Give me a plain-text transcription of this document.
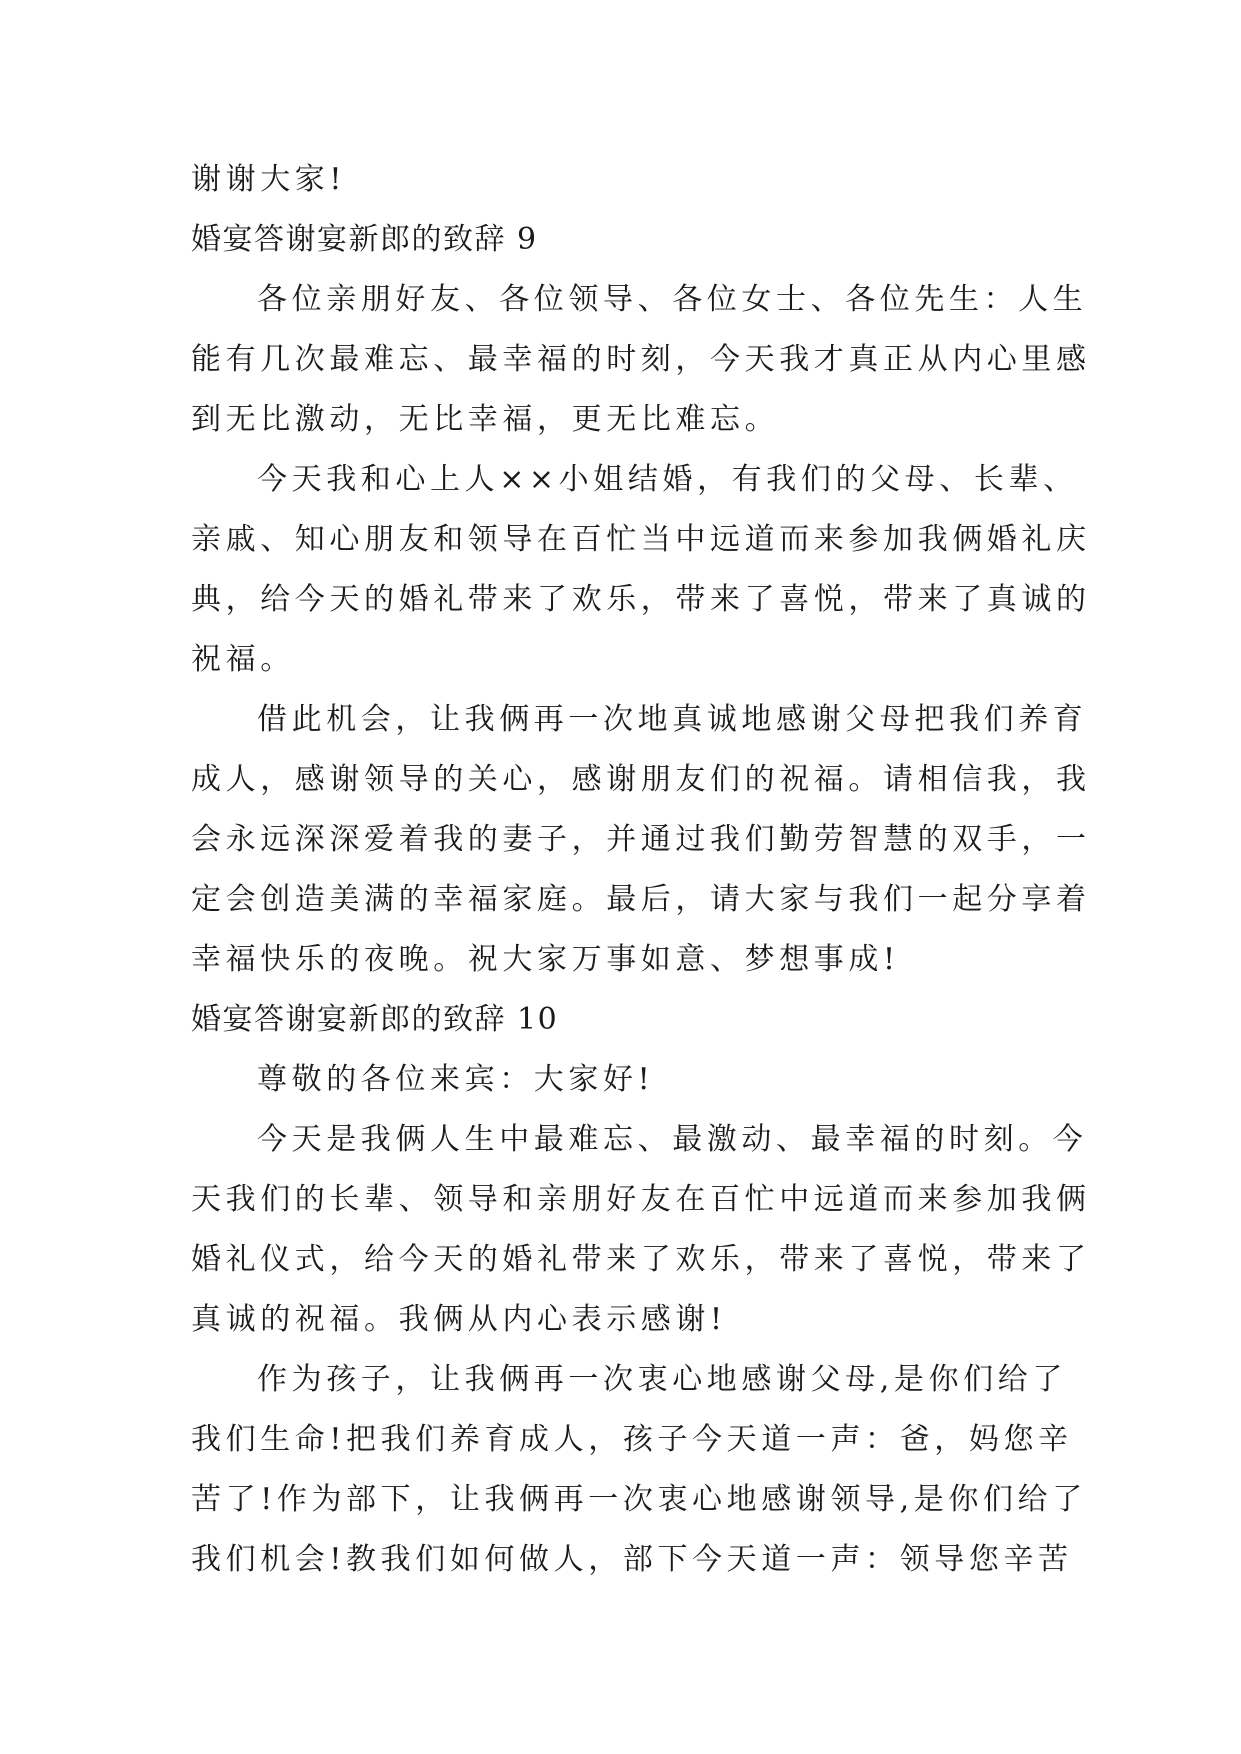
谢谢大家!

婚宴答谢宴新郎的致辞 9

各位亲朋好友、各位领导、各位女士、各位先生：人生

能有几次最难忘、最幸福的时刻，今天我才真正从内心里感

到无比激动，无比幸福，更无比难忘。

今天我和心上人××小姐结婚，有我们的父母、长辈、

亲戚、知心朋友和领导在百忙当中远道而来参加我俩婚礼庆

典，给今天的婚礼带来了欢乐，带来了喜悦，带来了真诚的

祝福。

借此机会，让我俩再一次地真诚地感谢父母把我们养育

成人，感谢领导的关心，感谢朋友们的祝福。请相信我，我

会永远深深爱着我的妻子，并通过我们勤劳智慧的双手，一

定会创造美满的幸福家庭。最后，请大家与我们一起分享着

幸福快乐的夜晚。祝大家万事如意、梦想事成!

婚宴答谢宴新郎的致辞 10

尊敬的各位来宾：大家好!

今天是我俩人生中最难忘、最激动、最幸福的时刻。今

天我们的长辈、领导和亲朋好友在百忙中远道而来参加我俩

婚礼仪式，给今天的婚礼带来了欢乐，带来了喜悦，带来了

真诚的祝福。我俩从内心表示感谢!

作为孩子，让我俩再一次衷心地感谢父母,是你们给了

我们生命!把我们养育成人，孩子今天道一声：爸，妈您辛

苦了!作为部下，让我俩再一次衷心地感谢领导,是你们给了

我们机会!教我们如何做人，部下今天道一声：领导您辛苦
